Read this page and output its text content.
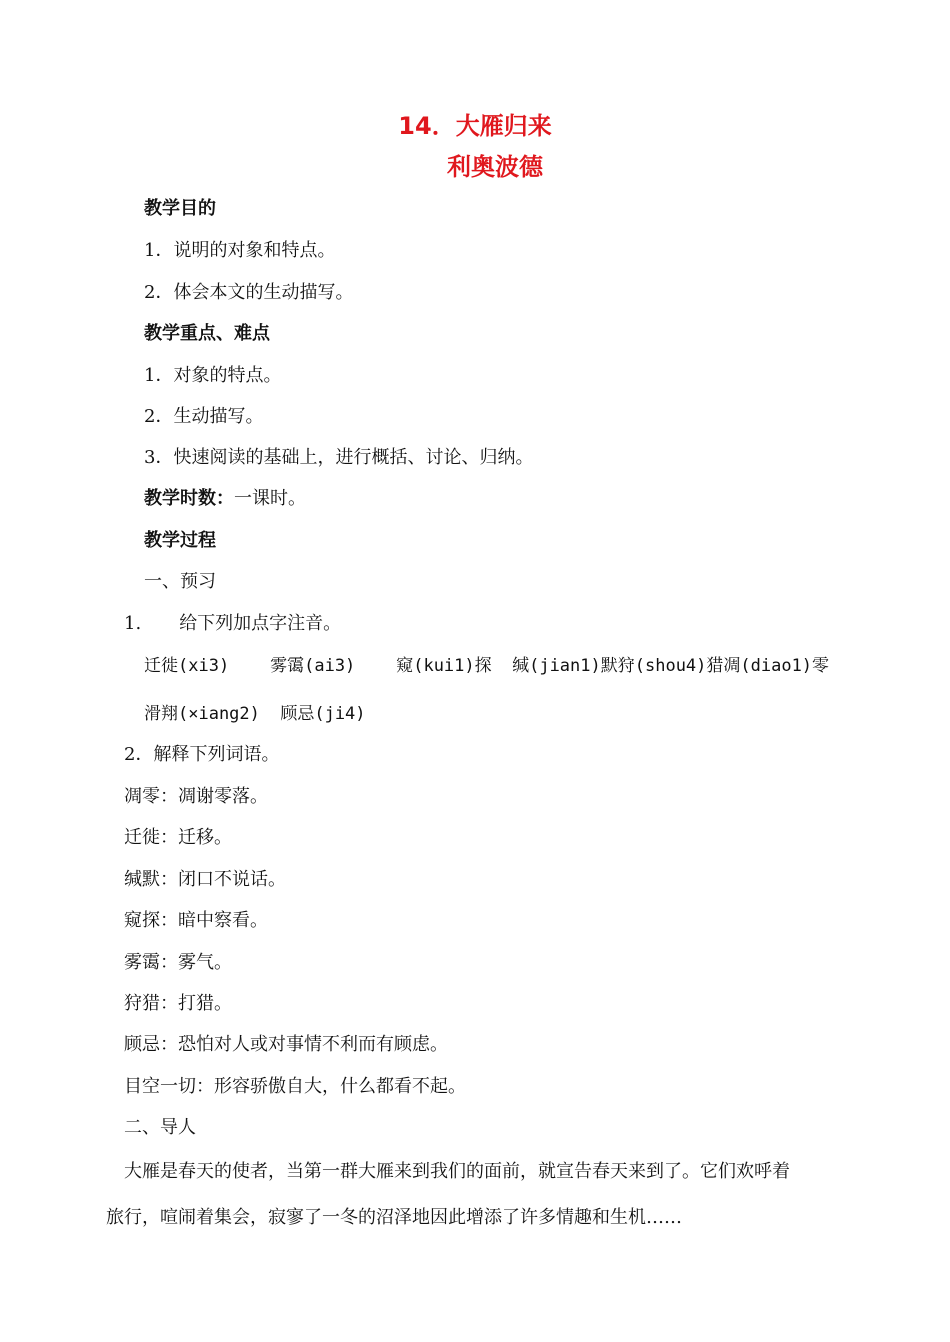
14．大雁归来
利奥波德
教学目的
1．说明的对象和特点。
2．体会本文的生动描写。
教学重点、难点
1．对象的特点。
2．生动描写。
3．快速阅读的基础上，进行概括、讨论、归纳。
教学时数：一课时。
教学过程
一、预习
1. 给下列加点字注音。
迁徙(xi3)    雾霭(ai3)    窥(kui1)探  缄(jian1)默狩(shou4)猎凋(diao1)零
滑翔(×iang2)  顾忌(ji4)
2．解释下列词语。
凋零：凋谢零落。
迁徙：迁移。
缄默：闭口不说话。
窥探：暗中察看。
雾霭：雾气。
狩猎：打猎。
顾忌：恐怕对人或对事情不利而有顾虑。
目空一切：形容骄傲自大，什么都看不起。
二、导人
大雁是春天的使者，当第一群大雁来到我们的面前，就宣告春天来到了。它们欢呼着
旅行，喧闹着集会，寂寥了一冬的沼泽地因此增添了许多情趣和生机……
